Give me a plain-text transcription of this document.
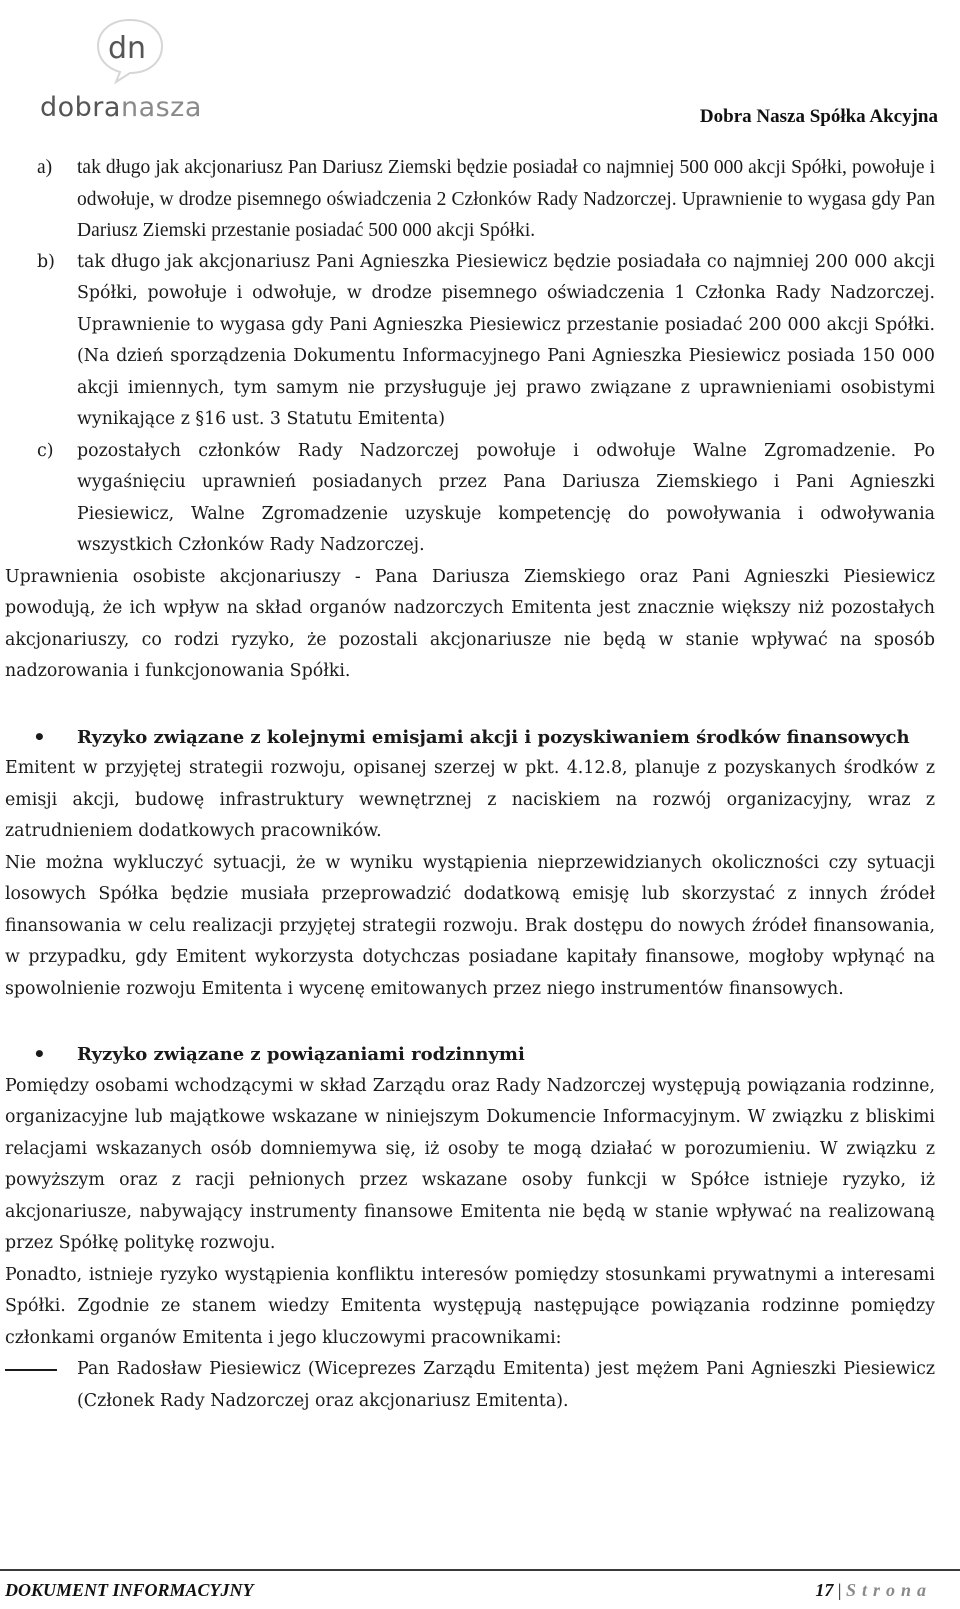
dn
dobranasza	Dobra Nasza Spółka Akcyjna

a) tak długo jak akcjonariusz Pan Dariusz Ziemski będzie posiadał co najmniej 500 000 akcji Spółki, powołuje i odwołuje, w drodze pisemnego oświadczenia 2 Członków Rady Nadzorczej. Uprawnienie to wygasa gdy Pan Dariusz Ziemski przestanie posiadać 500 000 akcji Spółki.

b) tak długo jak akcjonariusz Pani Agnieszka Piesiewicz będzie posiadała co najmniej 200 000 akcji Spółki, powołuje i odwołuje, w drodze pisemnego oświadczenia 1 Członka Rady Nadzorczej. Uprawnienie to wygasa gdy Pani Agnieszka Piesiewicz przestanie posiadać 200 000 akcji Spółki. (Na dzień sporządzenia Dokumentu Informacyjnego Pani Agnieszka Piesiewicz posiada 150 000 akcji imiennych, tym samym nie przysługuje jej prawo związane z uprawnieniami osobistymi wynikające z §16 ust. 3 Statutu Emitenta)

c) pozostałych członków Rady Nadzorczej powołuje i odwołuje Walne Zgromadzenie. Po wygaśnięciu uprawnień posiadanych przez Pana Dariusza Ziemskiego i Pani Agnieszki Piesiewicz, Walne Zgromadzenie uzyskuje kompetencję do powoływania i odwoływania wszystkich Członków Rady Nadzorczej.

Uprawnienia osobiste akcjonariuszy - Pana Dariusza Ziemskiego oraz Pani Agnieszki Piesiewicz powodują, że ich wpływ na skład organów nadzorczych Emitenta jest znacznie większy niż pozostałych akcjonariuszy, co rodzi ryzyko, że pozostali akcjonariusze nie będą w stanie wpływać na sposób nadzorowania i funkcjonowania Spółki.

• Ryzyko związane z kolejnymi emisjami akcji i pozyskiwaniem środków finansowych

Emitent w przyjętej strategii rozwoju, opisanej szerzej w pkt. 4.12.8, planuje z pozyskanych środków z emisji akcji, budowę infrastruktury wewnętrznej z naciskiem na rozwój organizacyjny, wraz z zatrudnieniem dodatkowych pracowników.

Nie można wykluczyć sytuacji, że w wyniku wystąpienia nieprzewidzianych okoliczności czy sytuacji losowych Spółka będzie musiała przeprowadzić dodatkową emisję lub skorzystać z innych źródeł finansowania w celu realizacji przyjętej strategii rozwoju. Brak dostępu do nowych źródeł finansowania, w przypadku, gdy Emitent wykorzysta dotychczas posiadane kapitały finansowe, mogłoby wpłynąć na spowolnienie rozwoju Emitenta i wycenę emitowanych przez niego instrumentów finansowych.

• Ryzyko związane z powiązaniami rodzinnymi

Pomiędzy osobami wchodzącymi w skład Zarządu oraz Rady Nadzorczej występują powiązania rodzinne, organizacyjne lub majątkowe wskazane w niniejszym Dokumencie Informacyjnym. W związku z bliskimi relacjami wskazanych osób domniemywa się, iż osoby te mogą działać w porozumieniu. W związku z powyższym oraz z racji pełnionych przez wskazane osoby funkcji w Spółce istnieje ryzyko, iż akcjonariusze, nabywający instrumenty finansowe Emitenta nie będą w stanie wpływać na realizowaną przez Spółkę politykę rozwoju.

Ponadto, istnieje ryzyko wystąpienia konfliktu interesów pomiędzy stosunkami prywatnymi a interesami Spółki. Zgodnie ze stanem wiedzy Emitenta występują następujące powiązania rodzinne pomiędzy członkami organów Emitenta i jego kluczowymi pracownikami:

Pan Radosław Piesiewicz (Wiceprezes Zarządu Emitenta) jest mężem Pani Agnieszki Piesiewicz (Członek Rady Nadzorczej oraz akcjonariusz Emitenta).

DOKUMENT INFORMACYJNY	17 | Strona
